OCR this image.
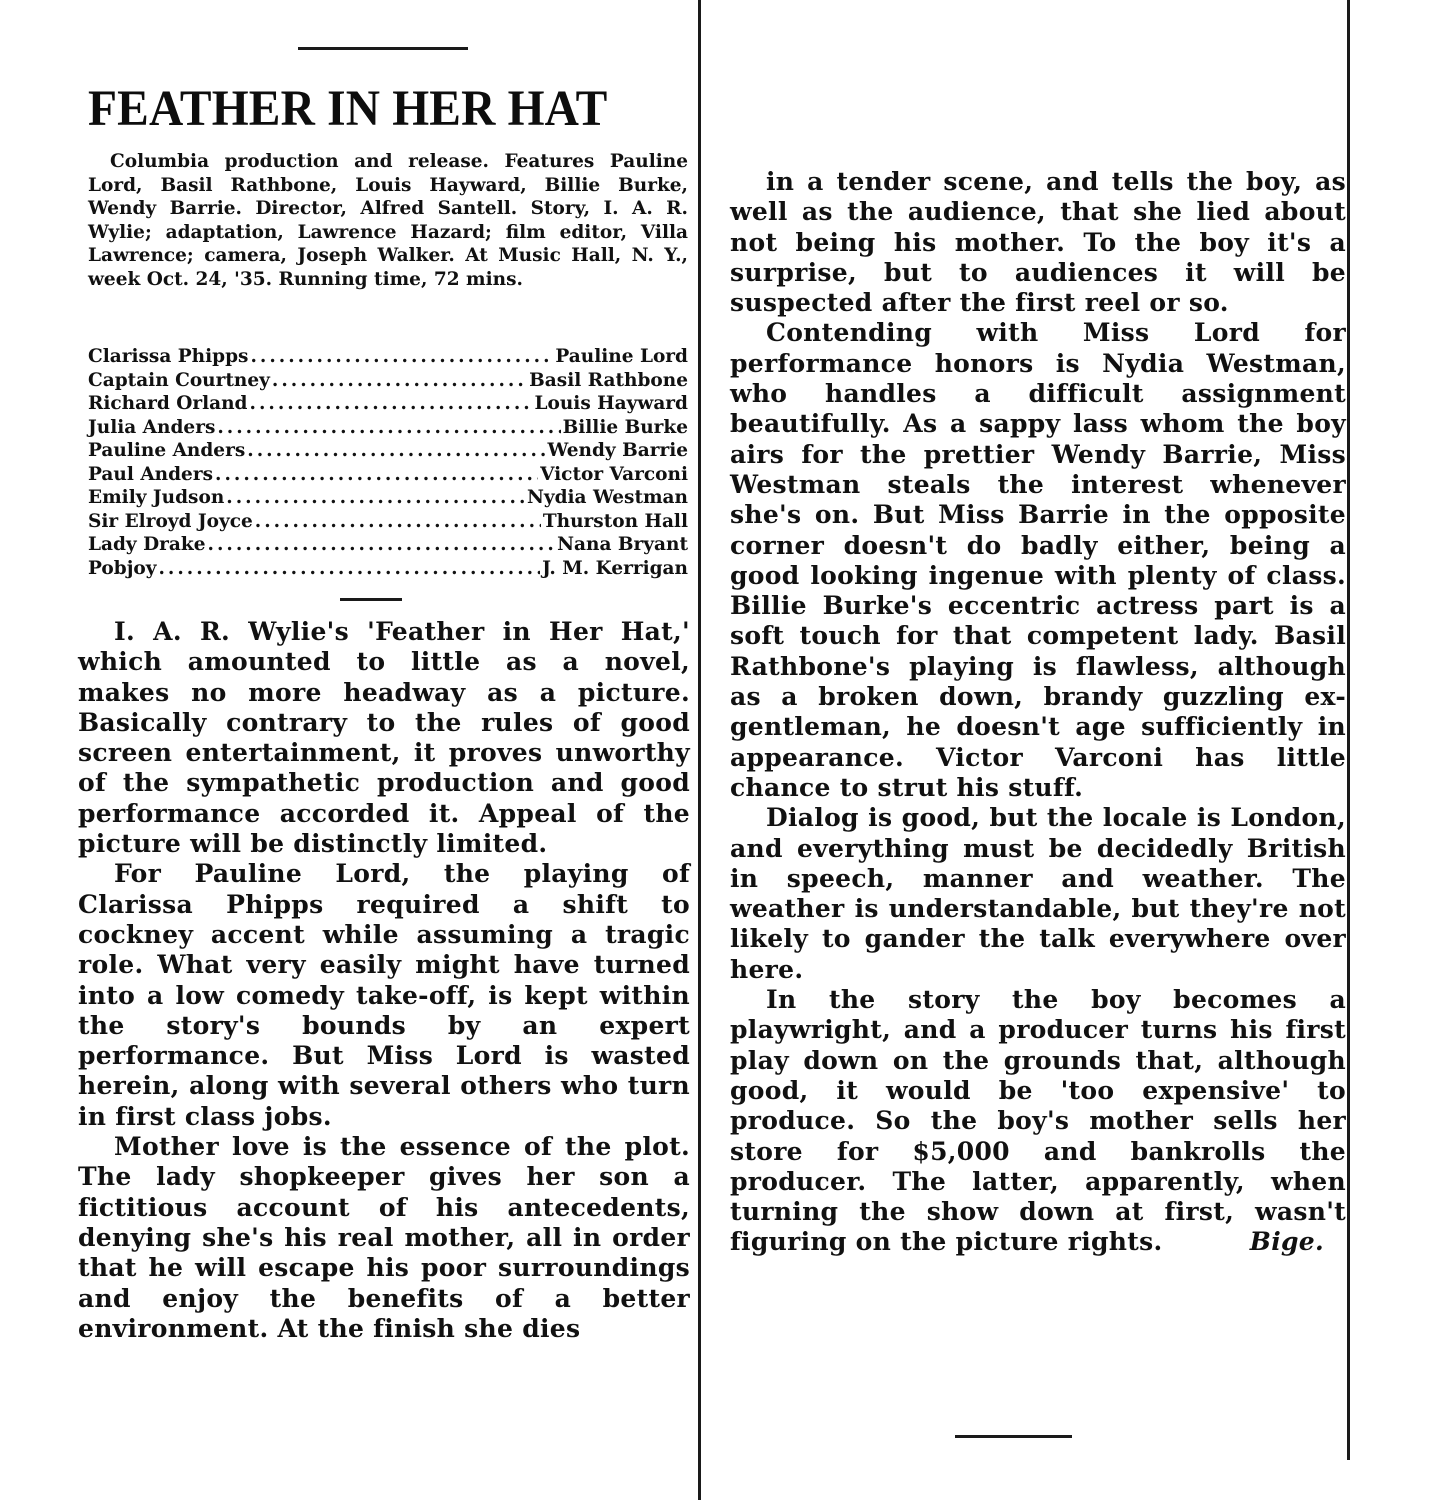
FEATHER IN HER HAT

Columbia production and release. Features Pauline Lord, Basil Rathbone, Louis Hayward, Billie Burke, Wendy Barrie. Director, Alfred Santell. Story, I. A. R. Wylie; adaptation, Lawrence Hazard; film editor, Villa Lawrence; camera, Joseph Walker. At Music Hall, N. Y., week Oct. 24, '35. Running time, 72 mins.

Clarissa Phipps .....	Pauline Lord
Captain Courtney .....	Basil Rathbone
Richard Orland .....	Louis Hayward
Julia Anders .....	Billie Burke
Pauline Anders .....	Wendy Barrie
Paul Anders .....	Victor Varconi
Emily Judson .....	Nydia Westman
Sir Elroyd Joyce .....	Thurston Hall
Lady Drake .....	Nana Bryant
Pobjoy .....	J. M. Kerrigan

I. A. R. Wylie's 'Feather in Her Hat,' which amounted to little as a novel, makes no more headway as a picture. Basically contrary to the rules of good screen entertainment, it proves unworthy of the sympathetic production and good performance accorded it. Appeal of the picture will be distinctly limited.

For Pauline Lord, the playing of Clarissa Phipps required a shift to cockney accent while assuming a tragic role. What very easily might have turned into a low comedy take-off, is kept within the story's bounds by an expert performance. But Miss Lord is wasted herein, along with several others who turn in first class jobs.

Mother love is the essence of the plot. The lady shopkeeper gives her son a fictitious account of his antecedents, denying she's his real mother, all in order that he will escape his poor surroundings and enjoy the benefits of a better environment. At the finish she dies

in a tender scene, and tells the boy, as well as the audience, that she lied about not being his mother. To the boy it's a surprise, but to audiences it will be suspected after the first reel or so.

Contending with Miss Lord for performance honors is Nydia Westman, who handles a difficult assignment beautifully. As a sappy lass whom the boy airs for the prettier Wendy Barrie, Miss Westman steals the interest whenever she's on. But Miss Barrie in the opposite corner doesn't do badly either, being a good looking ingenue with plenty of class. Billie Burke's eccentric actress part is a soft touch for that competent lady. Basil Rathbone's playing is flawless, although as a broken down, brandy guzzling ex-gentleman, he doesn't age sufficiently in appearance. Victor Varconi has little chance to strut his stuff.

Dialog is good, but the locale is London, and everything must be decidedly British in speech, manner and weather. The weather is understandable, but they're not likely to gander the talk everywhere over here.

In the story the boy becomes a playwright, and a producer turns his first play down on the grounds that, although good, it would be 'too expensive' to produce. So the boy's mother sells her store for $5,000 and bankrolls the producer. The latter, apparently, when turning the show down at first, wasn't figuring on the picture rights.	Bige.
